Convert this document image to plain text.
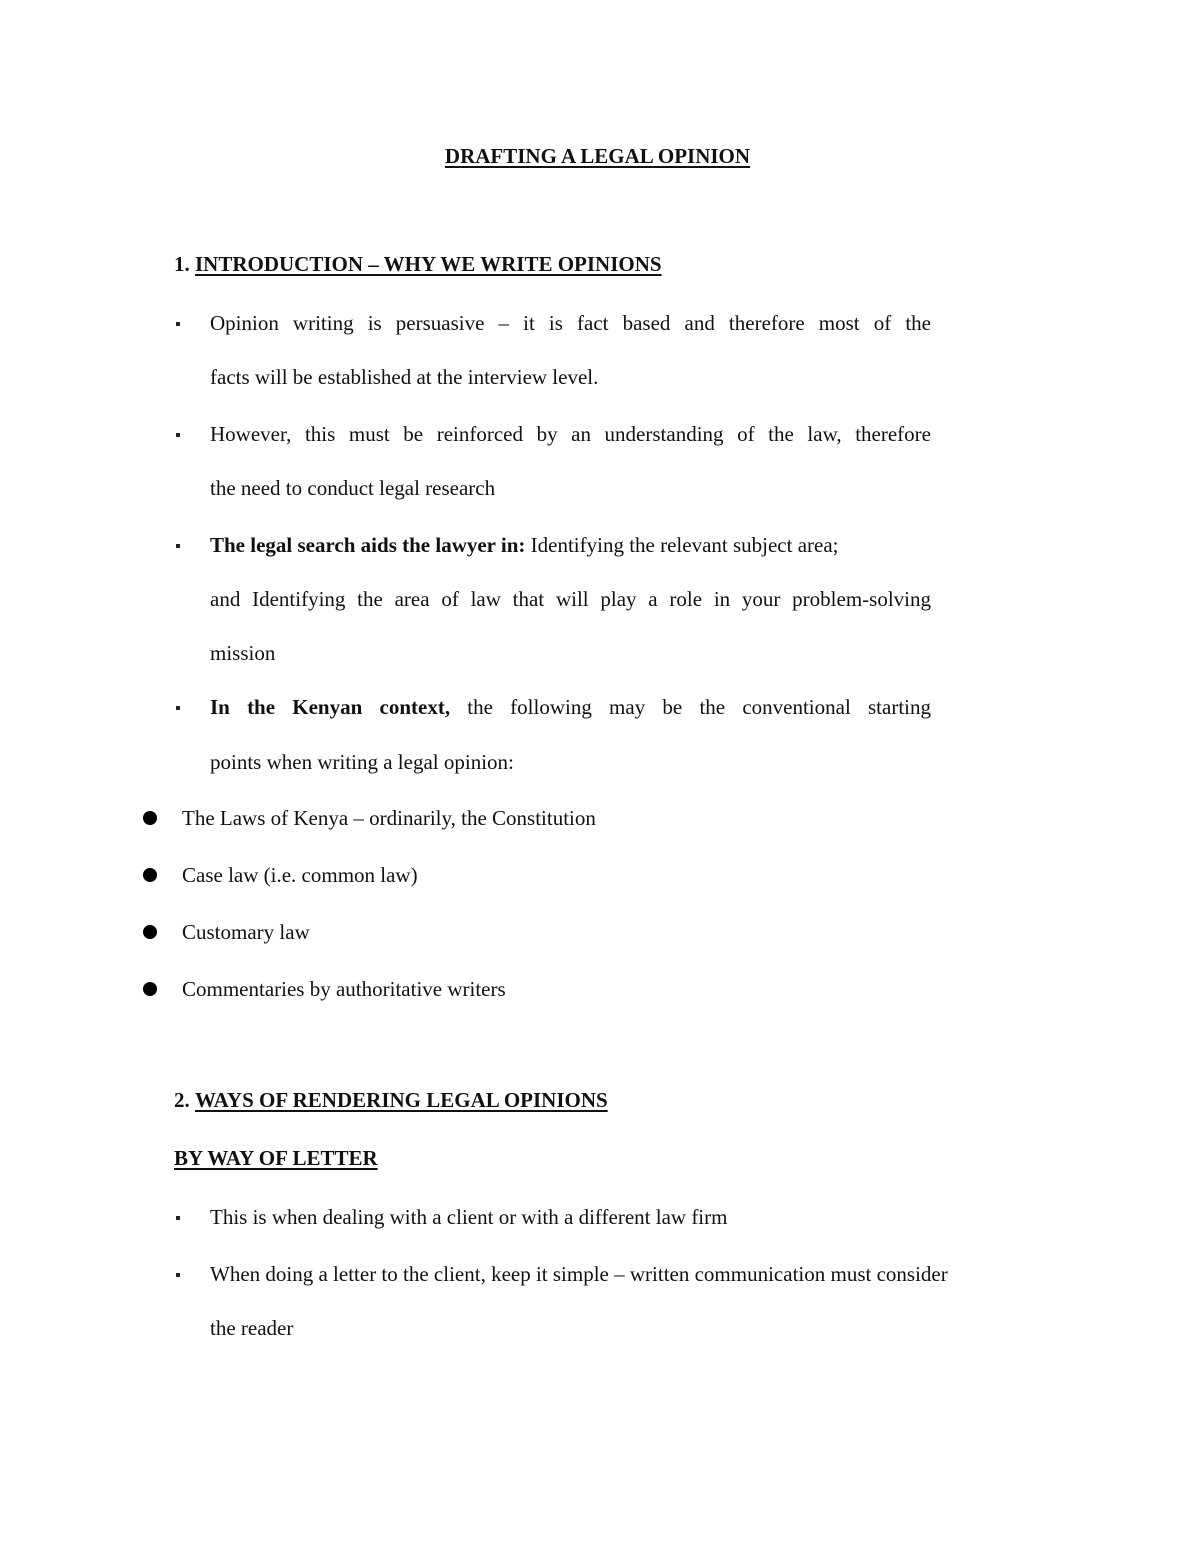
DRAFTING A LEGAL OPINION
1. INTRODUCTION – WHY WE WRITE OPINIONS
Opinion writing is persuasive – it is fact based and therefore most of the
facts will be established at the interview level.
However, this must be reinforced by an understanding of the law, therefore
the need to conduct legal research
The legal search aids the lawyer in: Identifying the relevant subject area;
and Identifying the area of law that will play a role in your problem-solving
mission
In the Kenyan context, the following may be the conventional starting
points when writing a legal opinion:
The Laws of Kenya – ordinarily, the Constitution
Case law (i.e. common law)
Customary law
Commentaries by authoritative writers
2. WAYS OF RENDERING LEGAL OPINIONS
BY WAY OF LETTER
This is when dealing with a client or with a different law firm
When doing a letter to the client, keep it simple – written communication must consider
the reader
